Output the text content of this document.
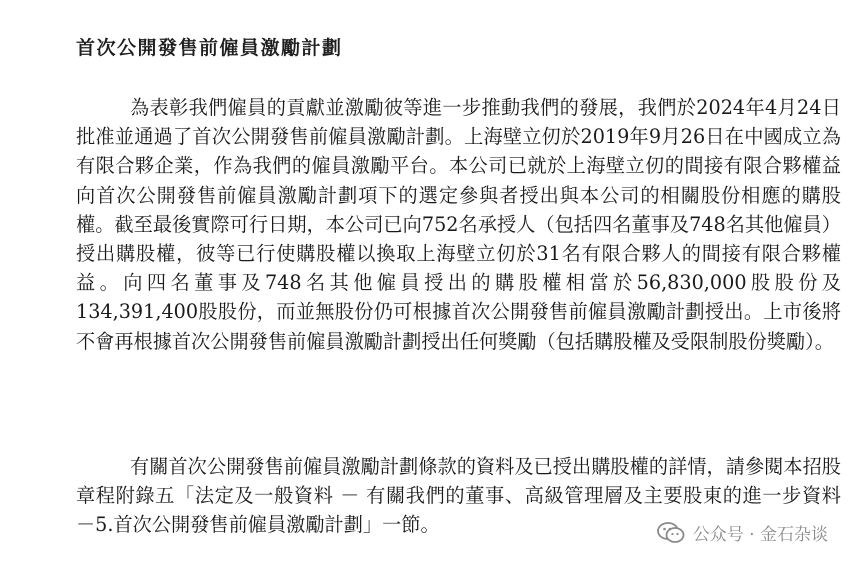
首次公開發售前僱員激勵計劃

為表彰我們僱員的貢獻並激勵彼等進一步推動我們的發展，我們於2024年4月24日批准並通過了首次公開發售前僱員激勵計劃。上海壁立仞於2019年9月26日在中國成立為有限合夥企業，作為我們的僱員激勵平台。本公司已就於上海壁立仞的間接有限合夥權益向首次公開發售前僱員激勵計劃項下的選定參與者授出與本公司的相關股份相應的購股權。截至最後實際可行日期，本公司已向752名承授人（包括四名董事及748名其他僱員）授出購股權，彼等已行使購股權以換取上海壁立仞於31名有限合夥人的間接有限合夥權益。向四名董事及748名其他僱員授出的購股權相當於56,830,000股股份及134,391,400股股份，而並無股份仍可根據首次公開發售前僱員激勵計劃授出。上市後將不會再根據首次公開發售前僱員激勵計劃授出任何獎勵（包括購股權及受限制股份獎勵）。

有關首次公開發售前僱員激勵計劃條款的資料及已授出購股權的詳情，請參閱本招股章程附錄五「法定及一般資料 － 有關我們的董事、高級管理層及主要股東的進一步資料 －5.首次公開發售前僱員激勵計劃」一節。	公众号 · 金石杂谈
